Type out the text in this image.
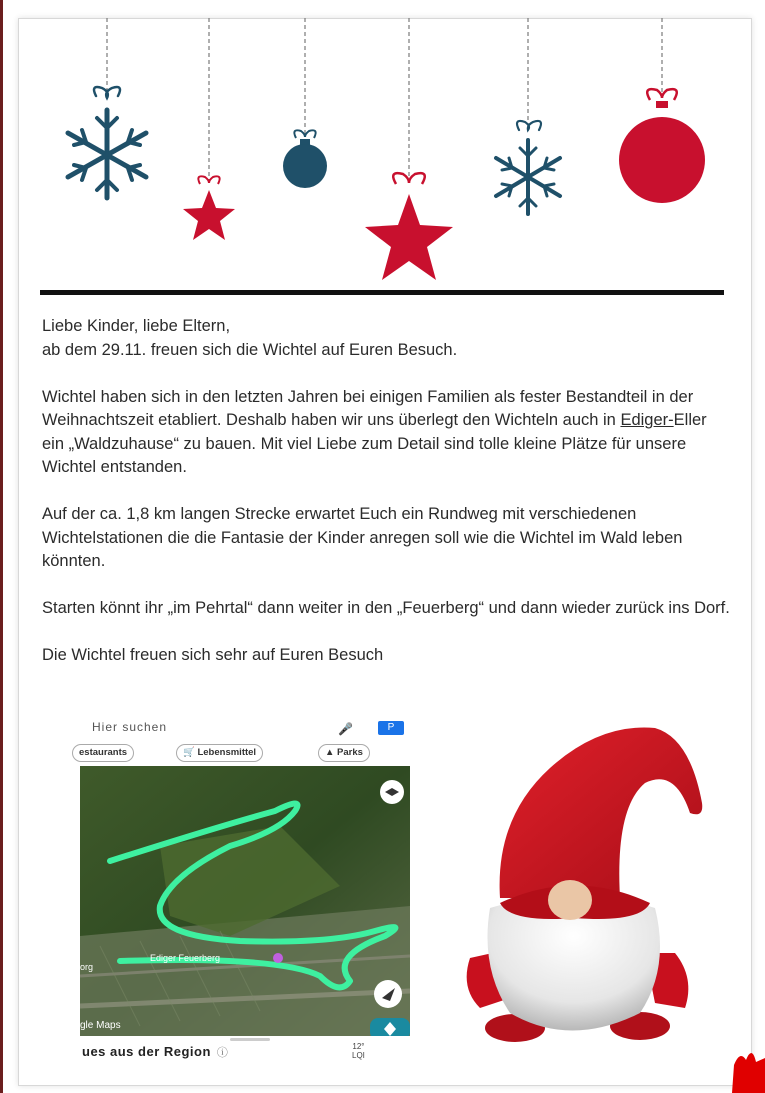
Liebe Kinder, liebe Eltern,
ab dem 29.11. freuen sich die Wichtel auf Euren Besuch.

Wichtel haben sich in den letzten Jahren bei einigen Familien als fester Bestandteil in der Weihnachtszeit etabliert. Deshalb haben wir uns überlegt den Wichteln auch in Ediger-Eller ein „Waldzuhause“ zu bauen. Mit viel Liebe zum Detail sind tolle kleine Plätze für unsere Wichtel entstanden.

Auf der ca. 1,8 km langen Strecke erwartet Euch ein Rundweg mit verschiedenen Wichtelstationen die die Fantasie der Kinder anregen soll wie die Wichtel im Wald leben könnten.

Starten könnt ihr „im Pehrtal“ dann weiter in den „Feuerberg“ und dann wieder zurück ins Dorf.

Die Wichtel freuen sich sehr auf Euren Besuch

Hier suchen	🎤	P
estaurants	🛒 Lebensmittel	▲ Parks
Ediger Feuerberg
org
gle Maps
ues aus der Region ⓘ
12°
LQI
